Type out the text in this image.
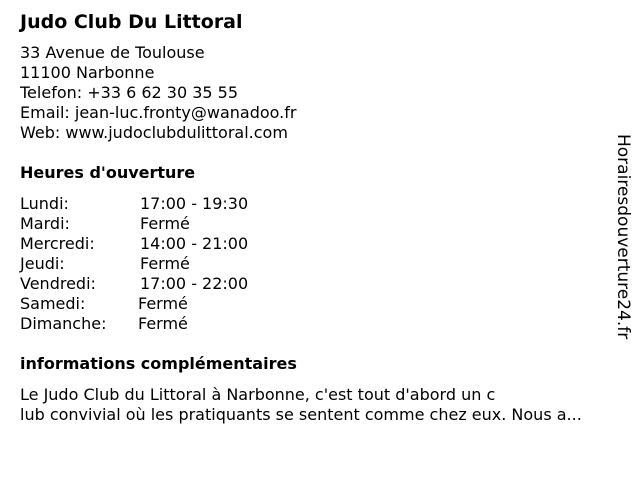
Judo Club Du Littoral
33 Avenue de Toulouse
11100 Narbonne
Telefon: +33 6 62 30 35 55
Email: jean-luc.fronty@wanadoo.fr
Web: www.judoclubdulittoral.com
Heures d'ouverture
Lundi:	17:00 - 19:30
Mardi:	Fermé
Mercredi:	14:00 - 21:00
Jeudi:	Fermé
Vendredi:	17:00 - 22:00
Samedi:	Fermé
Dimanche: Fermé
informations complémentaires
Le Judo Club du Littoral à Narbonne, c'est tout d'abord un c
lub convivial où les pratiquants se sentent comme chez eux. Nous a...
Horairesdouverture24.fr
